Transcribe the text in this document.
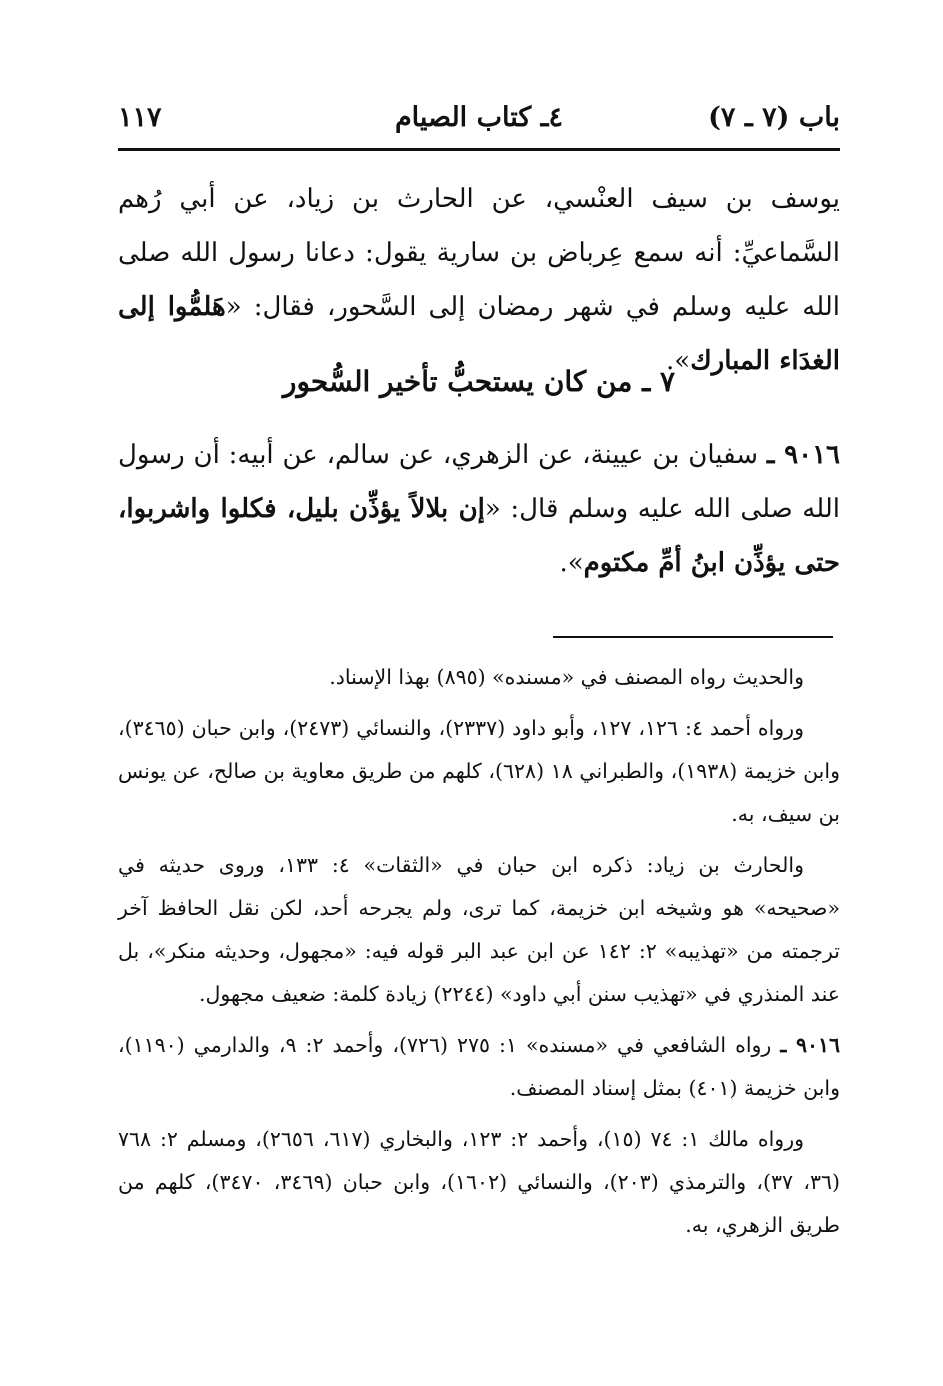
باب (٧ ـ ٧)
٤ـ كتاب الصيام
١١٧
يوسف بن سيف العنْسي، عن الحارث بن زياد، عن أبي رُهم السَّماعيِّ: أنه سمع عِرباض بن سارية يقول: دعانا رسول الله صلى الله عليه وسلم في شهر رمضان إلى السَّحور، فقال: «هَلمُّوا إلى الغدَاء المبارك».
٧ ـ من كان يستحبُّ تأخير السُّحور
٩٠١٦ ـ سفيان بن عيينة، عن الزهري، عن سالم، عن أبيه: أن رسول الله صلى الله عليه وسلم قال: «إن بلالاً يؤذِّن بليل، فكلوا واشربوا، حتى يؤذِّن ابنُ أمِّ مكتوم».

والحديث رواه المصنف في «مسنده» (٨٩٥) بهذا الإسناد.

ورواه أحمد ٤: ١٢٦، ١٢٧، وأبو داود (٢٣٣٧)، والنسائي (٢٤٧٣)، وابن حبان (٣٤٦٥)، وابن خزيمة (١٩٣٨)، والطبراني ١٨ (٦٢٨)، كلهم من طريق معاوية بن صالح، عن يونس بن سيف، به.

والحارث بن زياد: ذكره ابن حبان في «الثقات» ٤: ١٣٣، وروى حديثه في «صحيحه» هو وشيخه ابن خزيمة، كما ترى، ولم يجرحه أحد، لكن نقل الحافظ آخر ترجمته من «تهذيبه» ٢: ١٤٢ عن ابن عبد البر قوله فيه: «مجهول، وحديثه منكر»، بل عند المنذري في «تهذيب سنن أبي داود» (٢٢٤٤) زيادة كلمة: ضعيف مجهول.

٩٠١٦ ـ رواه الشافعي في «مسنده» ١: ٢٧٥ (٧٢٦)، وأحمد ٢: ٩، والدارمي (١١٩٠)، وابن خزيمة (٤٠١) بمثل إسناد المصنف.

ورواه مالك ١: ٧٤ (١٥)، وأحمد ٢: ١٢٣، والبخاري (٦١٧، ٢٦٥٦)، ومسلم ٢: ٧٦٨ (٣٦، ٣٧)، والترمذي (٢٠٣)، والنسائي (١٦٠٢)، وابن حبان (٣٤٦٩، ٣٤٧٠)، كلهم من طريق الزهري، به.
